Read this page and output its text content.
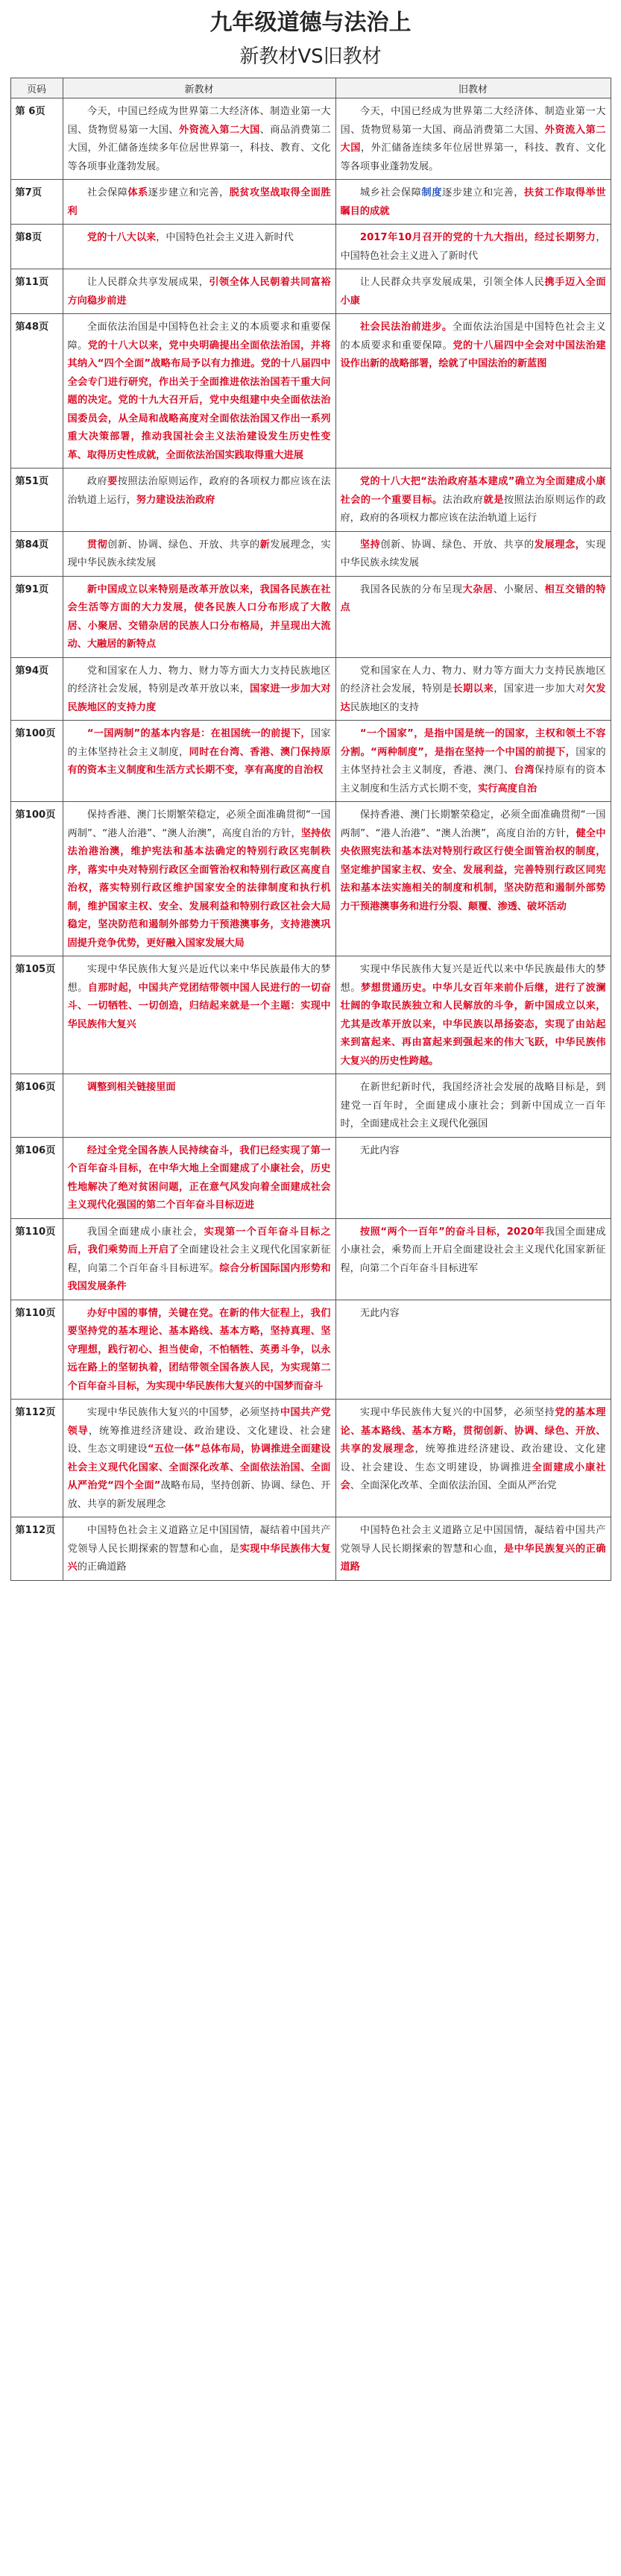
九年级道德与法治上
新教材VS旧教材
页码	新教材	旧教材
第 6页	今天，中国已经成为世界第二大经济体、制造业第一大国、货物贸易第一大国、外资流入第二大国、商品消费第二大国，外汇储备连续多年位居世界第一，科技、教育、文化等各项事业蓬勃发展。	今天，中国已经成为世界第二大经济体、制造业第一大国、货物贸易第一大国、商品消费第二大国、外资流入第二大国，外汇储备连续多年位居世界第一，科技、教育、文化等各项事业蓬勃发展。

第7页	社会保障体系逐步建立和完善，脱贫攻坚战取得全面胜利	城乡社会保障制度逐步建立和完善，扶贫工作取得举世瞩目的成就

第8页	党的十八大以来，中国特色社会主义进入新时代	2017年10月召开的党的十九大指出，经过长期努力，中国特色社会主义进入了新时代

第11页	让人民群众共享发展成果，引领全体人民朝着共同富裕方向稳步前进	让人民群众共享发展成果，引领全体人民携手迈入全面小康

第48页	全面依法治国是中国特色社会主义的本质要求和重要保障。党的十八大以来，党中央明确提出全面依法治国，并将其纳入“四个全面”战略布局予以有力推进。党的十八届四中全会专门进行研究，作出关于全面推进依法治国若干重大问题的决定。党的十九大召开后，党中央组建中央全面依法治国委员会，从全局和战略高度对全面依法治国又作出一系列重大决策部署，推动我国社会主义法治建设发生历史性变革、取得历史性成就，全面依法治国实践取得重大进展	社会民法治前进步。全面依法治国是中国特色社会主义的本质要求和重要保障。党的十八届四中全会对中国法治建设作出新的战略部署，绘就了中国法治的新蓝图

第51页	政府要按照法治原则运作，政府的各项权力都应该在法治轨道上运行，努力建设法治政府	党的十八大把“法治政府基本建成”确立为全面建成小康社会的一个重要目标。法治政府就是按照法治原则运作的政府，政府的各项权力都应该在法治轨道上运行

第84页	贯彻创新、协调、绿色、开放、共享的新发展理念，实现中华民族永续发展	坚持创新、协调、绿色、开放、共享的发展理念，实现中华民族永续发展

第91页	新中国成立以来特别是改革开放以来，我国各民族在社会生活等方面的大力发展，使各民族人口分布形成了大散居、小聚居、交错杂居的民族人口分布格局，并呈现出大流动、大融居的新特点	我国各民族的分布呈现大杂居、小聚居、相互交错的特点

第94页	党和国家在人力、物力、财力等方面大力支持民族地区的经济社会发展，特别是改革开放以来，国家进一步加大对民族地区的支持力度	党和国家在人力、物力、财力等方面大力支持民族地区的经济社会发展，特别是长期以来，国家进一步加大对欠发达民族地区的支持

第100页	“一国两制”的基本内容是：在祖国统一的前提下，国家的主体坚持社会主义制度，同时在台湾、香港、澳门保持原有的资本主义制度和生活方式长期不变，享有高度的自治权	“一个国家”，是指中国是统一的国家，主权和领土不容分割。“两种制度”，是指在坚持一个中国的前提下，国家的主体坚持社会主义制度，香港、澳门、台湾保持原有的资本主义制度和生活方式长期不变，实行高度自治

第100页	保持香港、澳门长期繁荣稳定，必须全面准确贯彻“一国两制”、“港人治港”、“澳人治澳”，高度自治的方针，坚持依法治港治澳，维护宪法和基本法确定的特别行政区宪制秩序，落实中央对特别行政区全面管治权和特别行政区高度自治权，落实特别行政区维护国家安全的法律制度和执行机制，维护国家主权、安全、发展利益和特别行政区社会大局稳定，坚决防范和遏制外部势力干预港澳事务，支持港澳巩固提升竞争优势，更好融入国家发展大局	保持香港、澳门长期繁荣稳定，必须全面准确贯彻“一国两制”、“港人治港”、“澳人治澳”，高度自治的方针，健全中央依照宪法和基本法对特别行政区行使全面管治权的制度，坚定维护国家主权、安全、发展利益，完善特别行政区同宪法和基本法实施相关的制度和机制，坚决防范和遏制外部势力干预港澳事务和进行分裂、颠覆、渗透、破坏活动

第105页	实现中华民族伟大复兴是近代以来中华民族最伟大的梦想。自那时起，中国共产党团结带领中国人民进行的一切奋斗、一切牺牲、一切创造，归结起来就是一个主题：实现中华民族伟大复兴	实现中华民族伟大复兴是近代以来中华民族最伟大的梦想。梦想贯通历史。中华儿女百年来前仆后继，进行了波澜壮阔的争取民族独立和人民解放的斗争，新中国成立以来，尤其是改革开放以来，中华民族以昂扬姿态，实现了由站起来到富起来、再由富起来到强起来的伟大飞跃，中华民族伟大复兴的历史性跨越。

第106页	调整到相关链接里面	在新世纪新时代，我国经济社会发展的战略目标是，到建党一百年时，全面建成小康社会；到新中国成立一百年时，全面建成社会主义现代化强国

第106页	经过全党全国各族人民持续奋斗，我们已经实现了第一个百年奋斗目标，在中华大地上全面建成了小康社会，历史性地解决了绝对贫困问题，正在意气风发向着全面建成社会主义现代化强国的第二个百年奋斗目标迈进	无此内容

第110页	我国全面建成小康社会，实现第一个百年奋斗目标之后，我们乘势而上开启了全面建设社会主义现代化国家新征程，向第二个百年奋斗目标进军。综合分析国际国内形势和我国发展条件	按照“两个一百年”的奋斗目标，2020年我国全面建成小康社会，乘势而上开启全面建设社会主义现代化国家新征程，向第二个百年奋斗目标进军

第110页	办好中国的事情，关键在党。在新的伟大征程上，我们要坚持党的基本理论、基本路线、基本方略，坚持真理、坚守理想，践行初心、担当使命，不怕牺牲、英勇斗争，以永远在路上的坚韧执着，团结带领全国各族人民，为实现第二个百年奋斗目标，为实现中华民族伟大复兴的中国梦而奋斗	无此内容

第112页	实现中华民族伟大复兴的中国梦，必须坚持中国共产党领导，统筹推进经济建设、政治建设、文化建设、社会建设、生态文明建设“五位一体”总体布局，协调推进全面建设社会主义现代化国家、全面深化改革、全面依法治国、全面从严治党“四个全面”战略布局，坚持创新、协调、绿色、开放、共享的新发展理念	实现中华民族伟大复兴的中国梦，必须坚持党的基本理论、基本路线、基本方略，贯彻创新、协调、绿色、开放、共享的发展理念，统筹推进经济建设、政治建设、文化建设、社会建设、生态文明建设，协调推进全面建成小康社会、全面深化改革、全面依法治国、全面从严治党

第112页	中国特色社会主义道路立足中国国情，凝结着中国共产党领导人民长期探索的智慧和心血，是实现中华民族伟大复兴的正确道路	中国特色社会主义道路立足中国国情，凝结着中国共产党领导人民长期探索的智慧和心血，是中华民族复兴的正确道路
